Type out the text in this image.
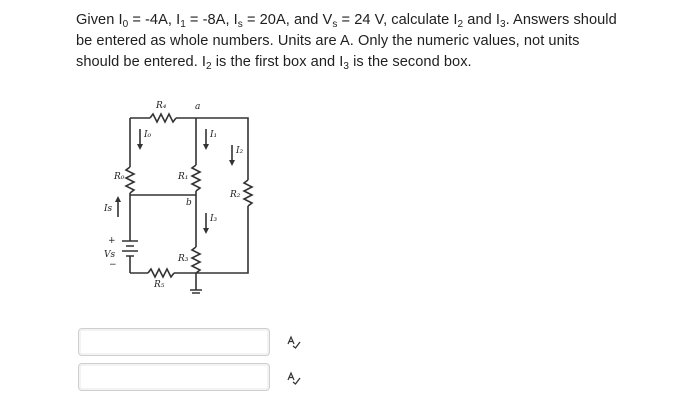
Given $I_0 = -4A$, $I_1 = -8A$, $I_s = 20A$, and $V_s = 24$ V, calculate $I_2$ and $I_3$. Answers should
be entered as whole numbers. Units are A. Only the numeric values, not units
should be entered. $I_2$ is the first box and $I_3$ is the second box.
R₄	a
I₀	I₁
I₂
R₀	R₁
R₂
b
I₃
Is
+
Vs
−
R₃
R₅
